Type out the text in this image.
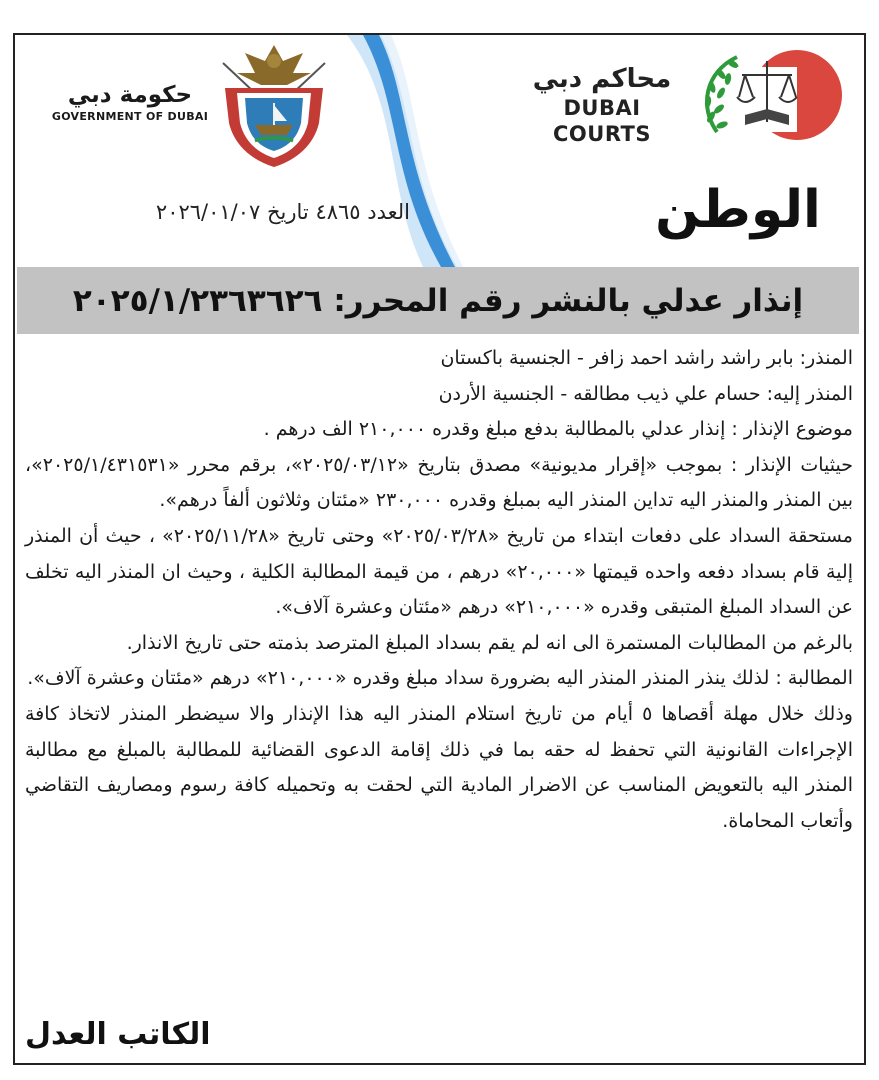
محاكم دبي
DUBAI COURTS
حكومة دبي
GOVERNMENT OF DUBAI
العدد ٤٨٦٥ تاريخ ٢٠٢٦/٠١/٠٧	الوطن
إنذار عدلي بالنشر رقم المحرر: ٢٠٢٥/١/٢٣٦٣٦٢٦

المنذر: بابر راشد راشد احمد زافر - الجنسية باكستان

المنذر إليه: حسام علي ذيب مطالقه - الجنسية الأردن

موضوع الإنذار : إنذار عدلي بالمطالبة بدفع مبلغ وقدره ٢١٠,٠٠٠ الف درهم .

حيثيات الإنذار : بموجب «إقرار مديونية» مصدق بتاريخ «٢٠٢٥/٠٣/١٢»، برقم محرر «٢٠٢٥/١/٤٣١٥٣١»، بين المنذر والمنذر اليه تداين المنذر اليه بمبلغ وقدره ٢٣٠,٠٠٠ «مئتان وثلاثون ألفاً درهم».

مستحقة السداد على دفعات ابتداء من تاريخ «٢٠٢٥/٠٣/٢٨» وحتى تاريخ «٢٠٢٥/١١/٢٨» ، حيث أن المنذر إلية قام بسداد دفعه واحده قيمتها «٢٠,٠٠٠» درهم ، من قيمة المطالبة الكلية ، وحيث ان المنذر اليه تخلف عن السداد المبلغ المتبقى وقدره «٢١٠,٠٠٠» درهم «مئتان وعشرة آلاف».

بالرغم من المطالبات المستمرة الى انه لم يقم بسداد المبلغ المترصد بذمته حتى تاريخ الانذار.

المطالبة : لذلك ينذر المنذر المنذر اليه بضرورة سداد مبلغ وقدره «٢١٠,٠٠٠» درهم «مئتان وعشرة آلاف».

وذلك خلال مهلة أقصاها ٥ أيام من تاريخ استلام المنذر اليه هذا الإنذار والا سيضطر المنذر لاتخاذ كافة الإجراءات القانونية التي تحفظ له حقه بما في ذلك إقامة الدعوى القضائية للمطالبة بالمبلغ مع مطالبة المنذر اليه بالتعويض المناسب عن الاضرار المادية التي لحقت به وتحميله كافة رسوم ومصاريف التقاضي وأتعاب المحاماة.

الكاتب العدل
